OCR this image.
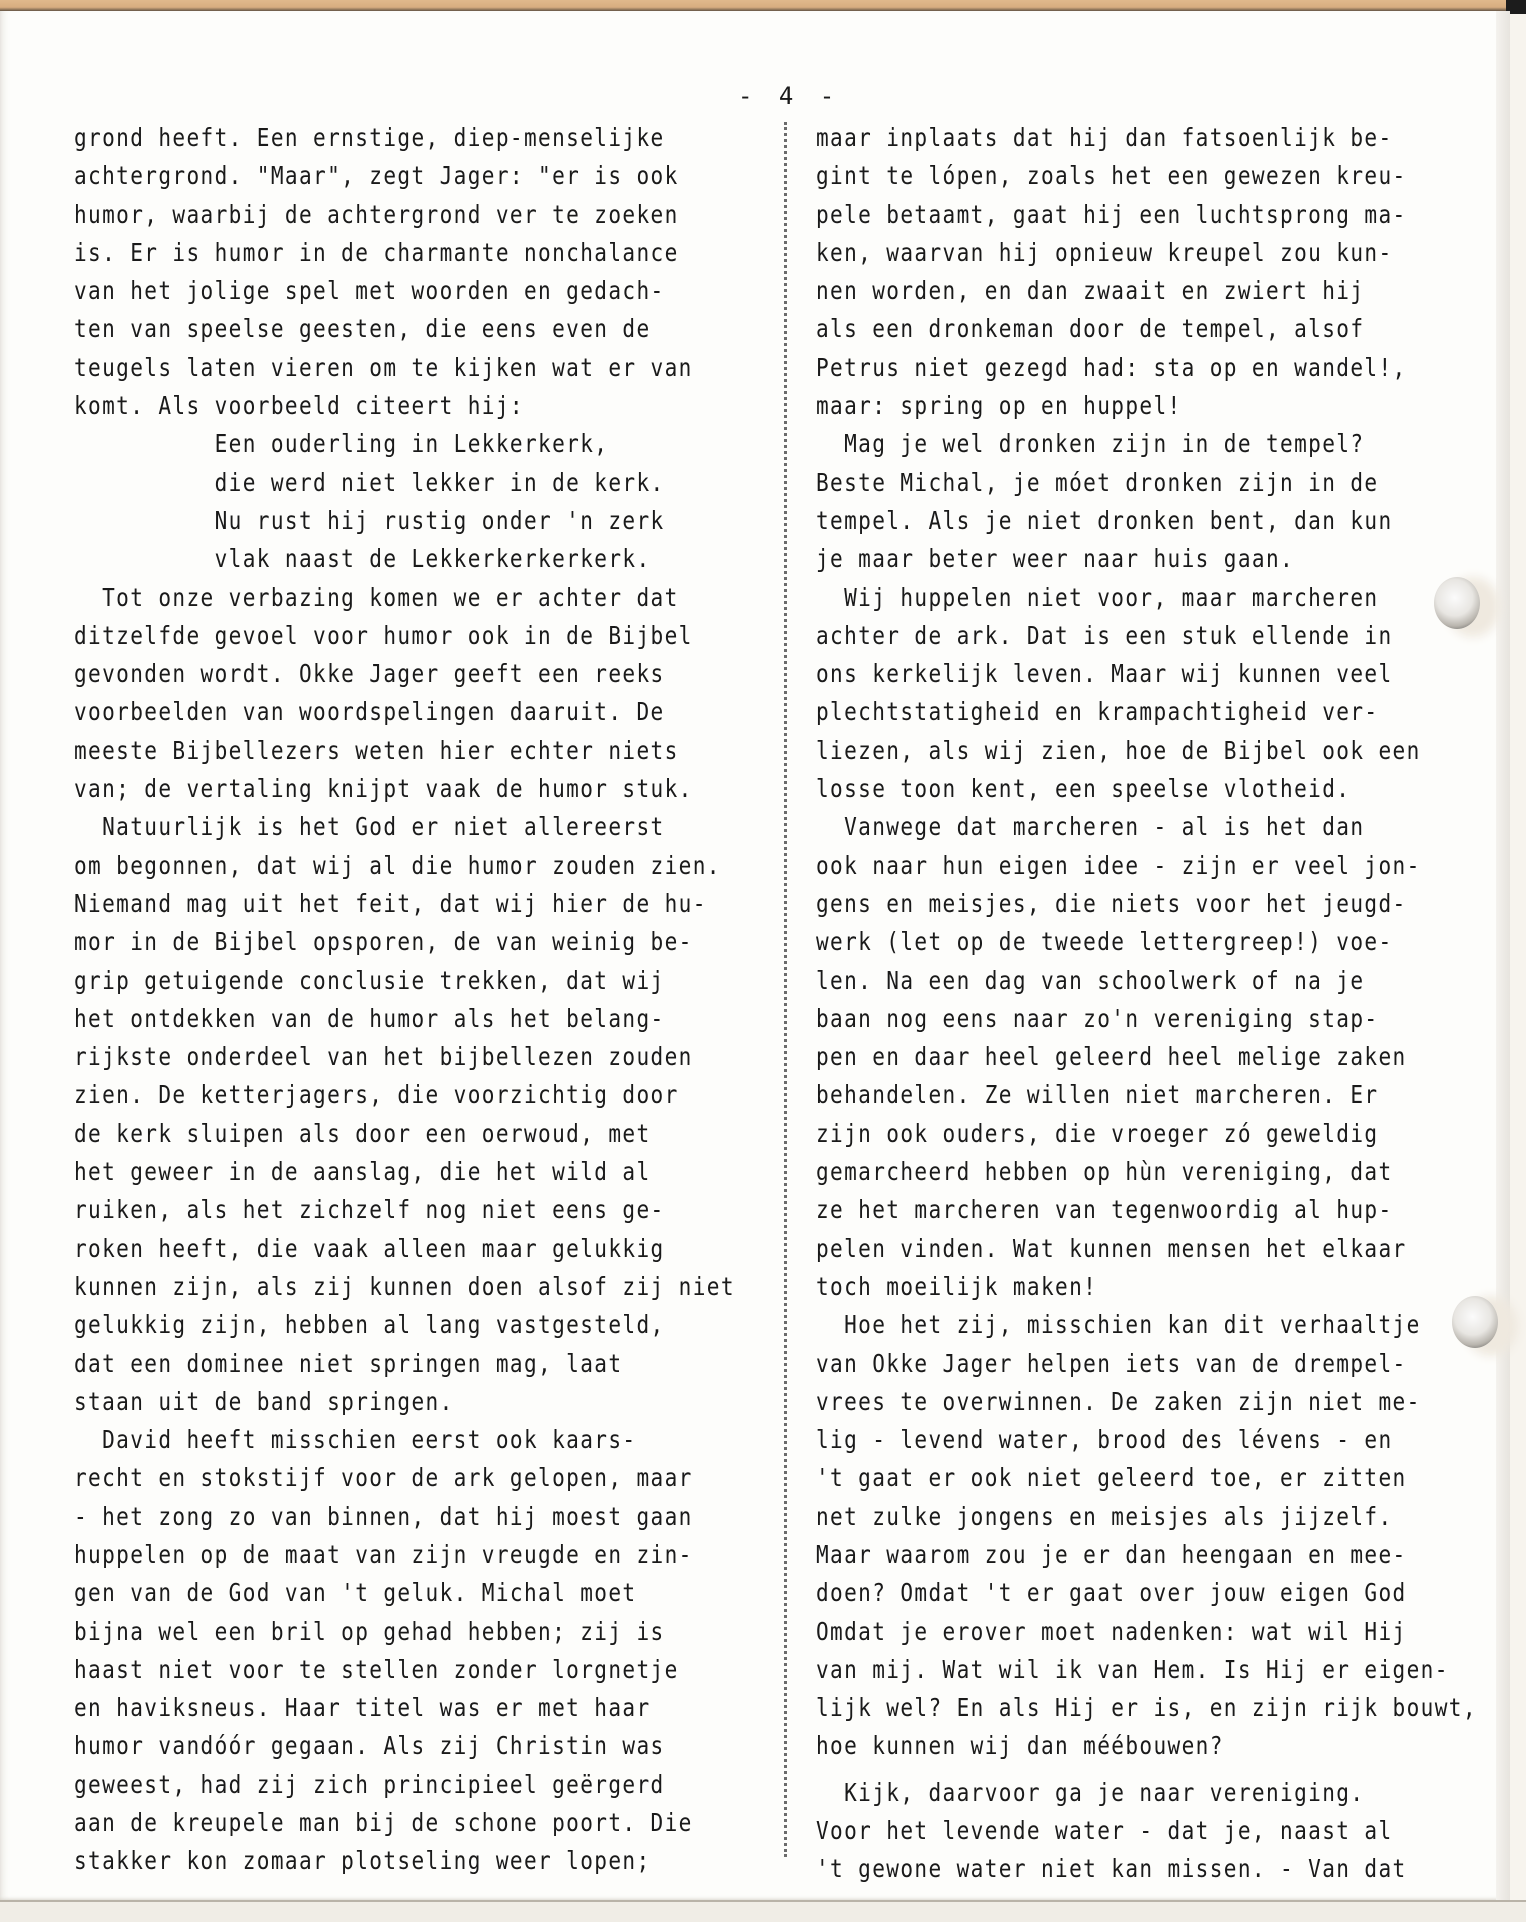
- 4 -
grond heeft. Een ernstige, diep-menselijke
achtergrond. "Maar", zegt Jager: "er is ook
humor, waarbij de achtergrond ver te zoeken
is. Er is humor in de charmante nonchalance
van het jolige spel met woorden en gedach-
ten van speelse geesten, die eens even de
teugels laten vieren om te kijken wat er van
komt. Als voorbeeld citeert hij:
Een ouderling in Lekkerkerk,
die werd niet lekker in de kerk.
Nu rust hij rustig onder 'n zerk
vlak naast de Lekkerkerkerkerk.
Tot onze verbazing komen we er achter dat
ditzelfde gevoel voor humor ook in de Bijbel
gevonden wordt. Okke Jager geeft een reeks
voorbeelden van woordspelingen daaruit. De
meeste Bijbellezers weten hier echter niets
van; de vertaling knijpt vaak de humor stuk.
Natuurlijk is het God er niet allereerst
om begonnen, dat wij al die humor zouden zien.
Niemand mag uit het feit, dat wij hier de hu-
mor in de Bijbel opsporen, de van weinig be-
grip getuigende conclusie trekken, dat wij
het ontdekken van de humor als het belang-
rijkste onderdeel van het bijbellezen zouden
zien. De ketterjagers, die voorzichtig door
de kerk sluipen als door een oerwoud, met
het geweer in de aanslag, die het wild al
ruiken, als het zichzelf nog niet eens ge-
roken heeft, die vaak alleen maar gelukkig
kunnen zijn, als zij kunnen doen alsof zij niet
gelukkig zijn, hebben al lang vastgesteld,
dat een dominee niet springen mag, laat
staan uit de band springen.
David heeft misschien eerst ook kaars-
recht en stokstijf voor de ark gelopen, maar
- het zong zo van binnen, dat hij moest gaan
huppelen op de maat van zijn vreugde en zin-
gen van de God van 't geluk. Michal moet
bijna wel een bril op gehad hebben; zij is
haast niet voor te stellen zonder lorgnetje
en haviksneus. Haar titel was er met haar
humor vandóór gegaan. Als zij Christin was
geweest, had zij zich principieel geërgerd
aan de kreupele man bij de schone poort. Die
stakker kon zomaar plotseling weer lopen;
maar inplaats dat hij dan fatsoenlijk be-
gint te lópen, zoals het een gewezen kreu-
pele betaamt, gaat hij een luchtsprong ma-
ken, waarvan hij opnieuw kreupel zou kun-
nen worden, en dan zwaait en zwiert hij
als een dronkeman door de tempel, alsof
Petrus niet gezegd had: sta op en wandel!,
maar: spring op en huppel!
Mag je wel dronken zijn in de tempel?
Beste Michal, je móet dronken zijn in de
tempel. Als je niet dronken bent, dan kun
je maar beter weer naar huis gaan.
Wij huppelen niet voor, maar marcheren
achter de ark. Dat is een stuk ellende in
ons kerkelijk leven. Maar wij kunnen veel
plechtstatigheid en krampachtigheid ver-
liezen, als wij zien, hoe de Bijbel ook een
losse toon kent, een speelse vlotheid.
Vanwege dat marcheren - al is het dan
ook naar hun eigen idee - zijn er veel jon-
gens en meisjes, die niets voor het jeugd-
werk (let op de tweede lettergreep!) voe-
len. Na een dag van schoolwerk of na je
baan nog eens naar zo'n vereniging stap-
pen en daar heel geleerd heel melige zaken
behandelen. Ze willen niet marcheren. Er
zijn ook ouders, die vroeger zó geweldig
gemarcheerd hebben op hùn vereniging, dat
ze het marcheren van tegenwoordig al hup-
pelen vinden. Wat kunnen mensen het elkaar
toch moeilijk maken!
Hoe het zij, misschien kan dit verhaaltje
van Okke Jager helpen iets van de drempel-
vrees te overwinnen. De zaken zijn niet me-
lig - levend water, brood des lévens - en
't gaat er ook niet geleerd toe, er zitten
net zulke jongens en meisjes als jijzelf.
Maar waarom zou je er dan heengaan en mee-
doen? Omdat 't er gaat over jouw eigen God
Omdat je erover moet nadenken: wat wil Hij
van mij. Wat wil ik van Hem. Is Hij er eigen-
lijk wel? En als Hij er is, en zijn rijk bouwt,
hoe kunnen wij dan méébouwen?
Kijk, daarvoor ga je naar vereniging.
Voor het levende water - dat je, naast al
't gewone water niet kan missen. - Van dat
